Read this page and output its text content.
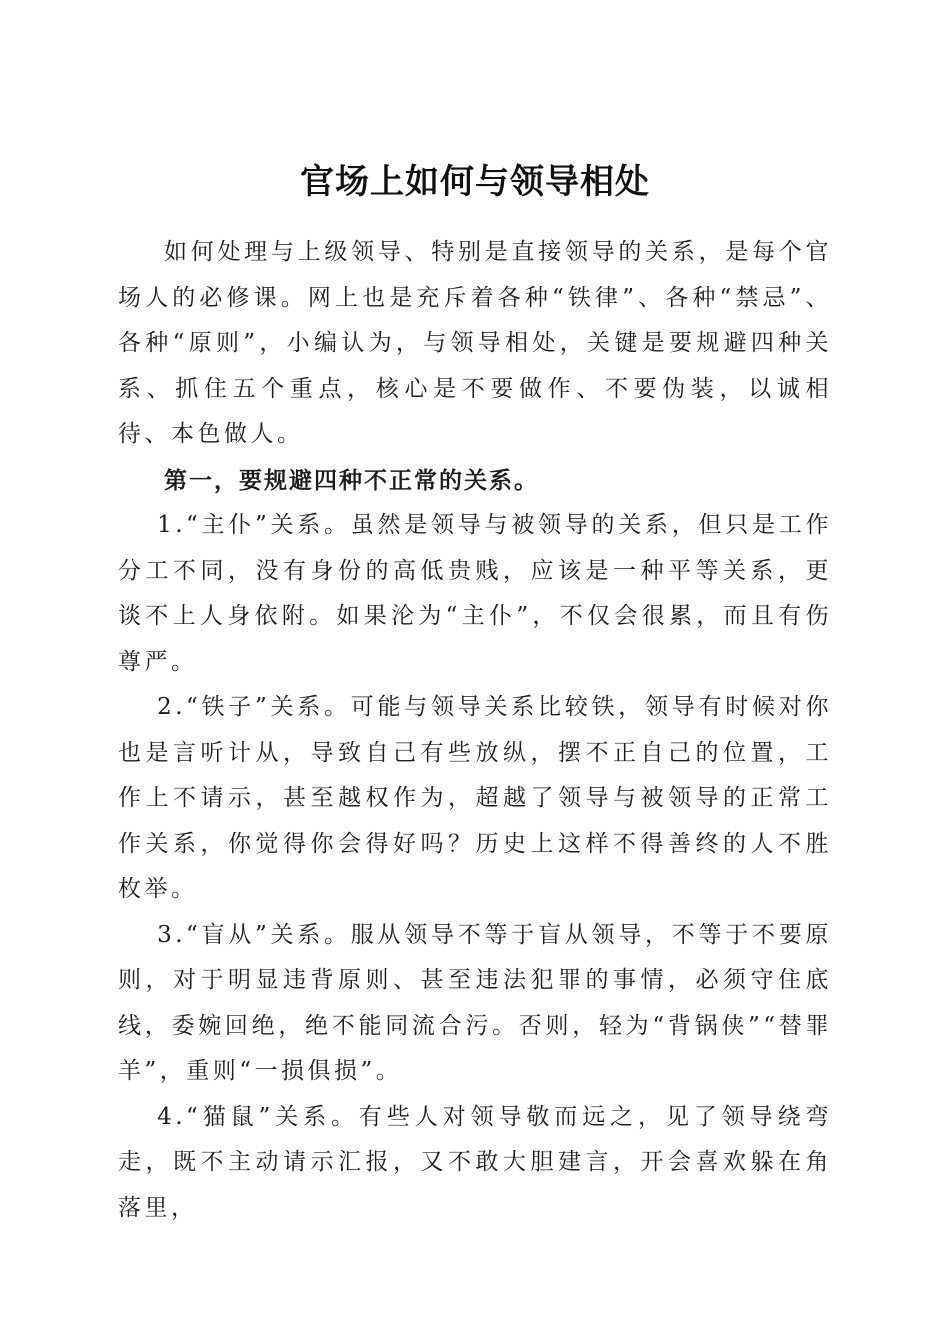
官场上如何与领导相处

如何处理与上级领导、特别是直接领导的关系，是每个官场人的必修课。网上也是充斥着各种“铁律”、各种“禁忌”、各种“原则”，小编认为，与领导相处，关键是要规避四种关系、抓住五个重点，核心是不要做作、不要伪装，以诚相待、本色做人。

第一，要规避四种不正常的关系。

1.“主仆”关系。虽然是领导与被领导的关系，但只是工作分工不同，没有身份的高低贵贱，应该是一种平等关系，更谈不上人身依附。如果沦为“主仆”，不仅会很累，而且有伤尊严。

2.“铁子”关系。可能与领导关系比较铁，领导有时候对你也是言听计从，导致自己有些放纵，摆不正自己的位置，工作上不请示，甚至越权作为，超越了领导与被领导的正常工作关系，你觉得你会得好吗？历史上这样不得善终的人不胜枚举。

3.“盲从”关系。服从领导不等于盲从领导，不等于不要原则，对于明显违背原则、甚至违法犯罪的事情，必须守住底线，委婉回绝，绝不能同流合污。否则，轻为“背锅侠”“替罪羊”，重则“一损俱损”。

4.“猫鼠”关系。有些人对领导敬而远之，见了领导绕弯走，既不主动请示汇报，又不敢大胆建言，开会喜欢躲在角落里，
